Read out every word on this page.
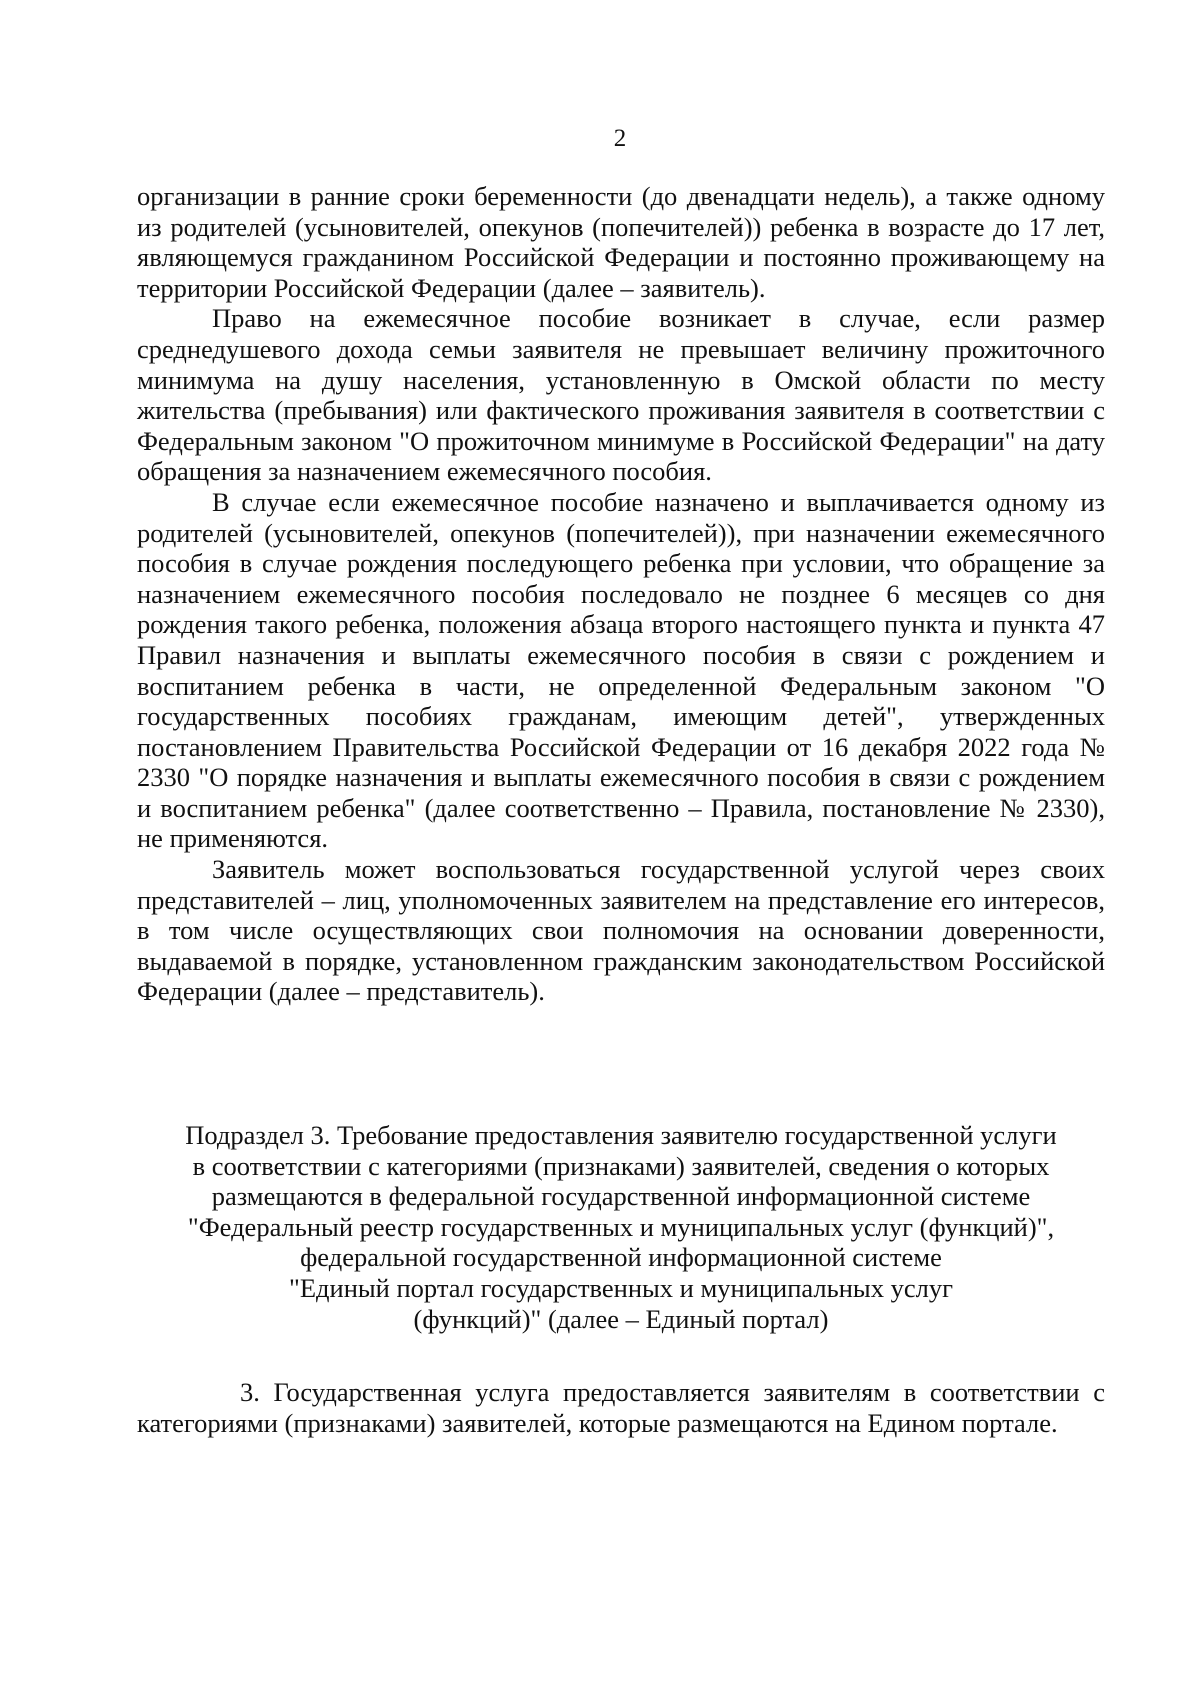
2

организации в ранние сроки беременности (до двенадцати недель), а также одному из родителей (усыновителей, опекунов (попечителей)) ребенка в возрасте до 17 лет, являющемуся гражданином Российской Федерации и постоянно проживающему на территории Российской Федерации (далее – заявитель).

Право на ежемесячное пособие возникает в случае, если размер среднедушевого дохода семьи заявителя не превышает величину прожиточного минимума на душу населения, установленную в Омской области по месту жительства (пребывания) или фактического проживания заявителя в соответствии с Федеральным законом "О прожиточном минимуме в Российской Федерации" на дату обращения за назначением ежемесячного пособия.

В случае если ежемесячное пособие назначено и выплачивается одному из родителей (усыновителей, опекунов (попечителей)), при назначении ежемесячного пособия в случае рождения последующего ребенка при условии, что обращение за назначением ежемесячного пособия последовало не позднее 6 месяцев со дня рождения такого ребенка, положения абзаца второго настоящего пункта и пункта 47 Правил назначения и выплаты ежемесячного пособия в связи с рождением и воспитанием ребенка в части, не определенной Федеральным законом "О государственных пособиях гражданам, имеющим детей", утвержденных постановлением Правительства Российской Федерации от 16 декабря 2022 года № 2330 "О порядке назначения и выплаты ежемесячного пособия в связи с рождением и воспитанием ребенка" (далее соответственно – Правила, постановление № 2330), не применяются.

Заявитель может воспользоваться государственной услугой через своих представителей – лиц, уполномоченных заявителем на представление его интересов, в том числе осуществляющих свои полномочия на основании доверенности, выдаваемой в порядке, установленном гражданским законодательством Российской Федерации (далее – представитель).

Подраздел 3. Требование предоставления заявителю государственной услуги
в соответствии с категориями (признаками) заявителей, сведения о которых
размещаются в федеральной государственной информационной системе
"Федеральный реестр государственных и муниципальных услуг (функций)",
федеральной государственной информационной системе
"Единый портал государственных и муниципальных услуг
(функций)" (далее – Единый портал)

3. Государственная услуга предоставляется заявителям в соответствии с категориями (признаками) заявителей, которые размещаются на Едином портале.
